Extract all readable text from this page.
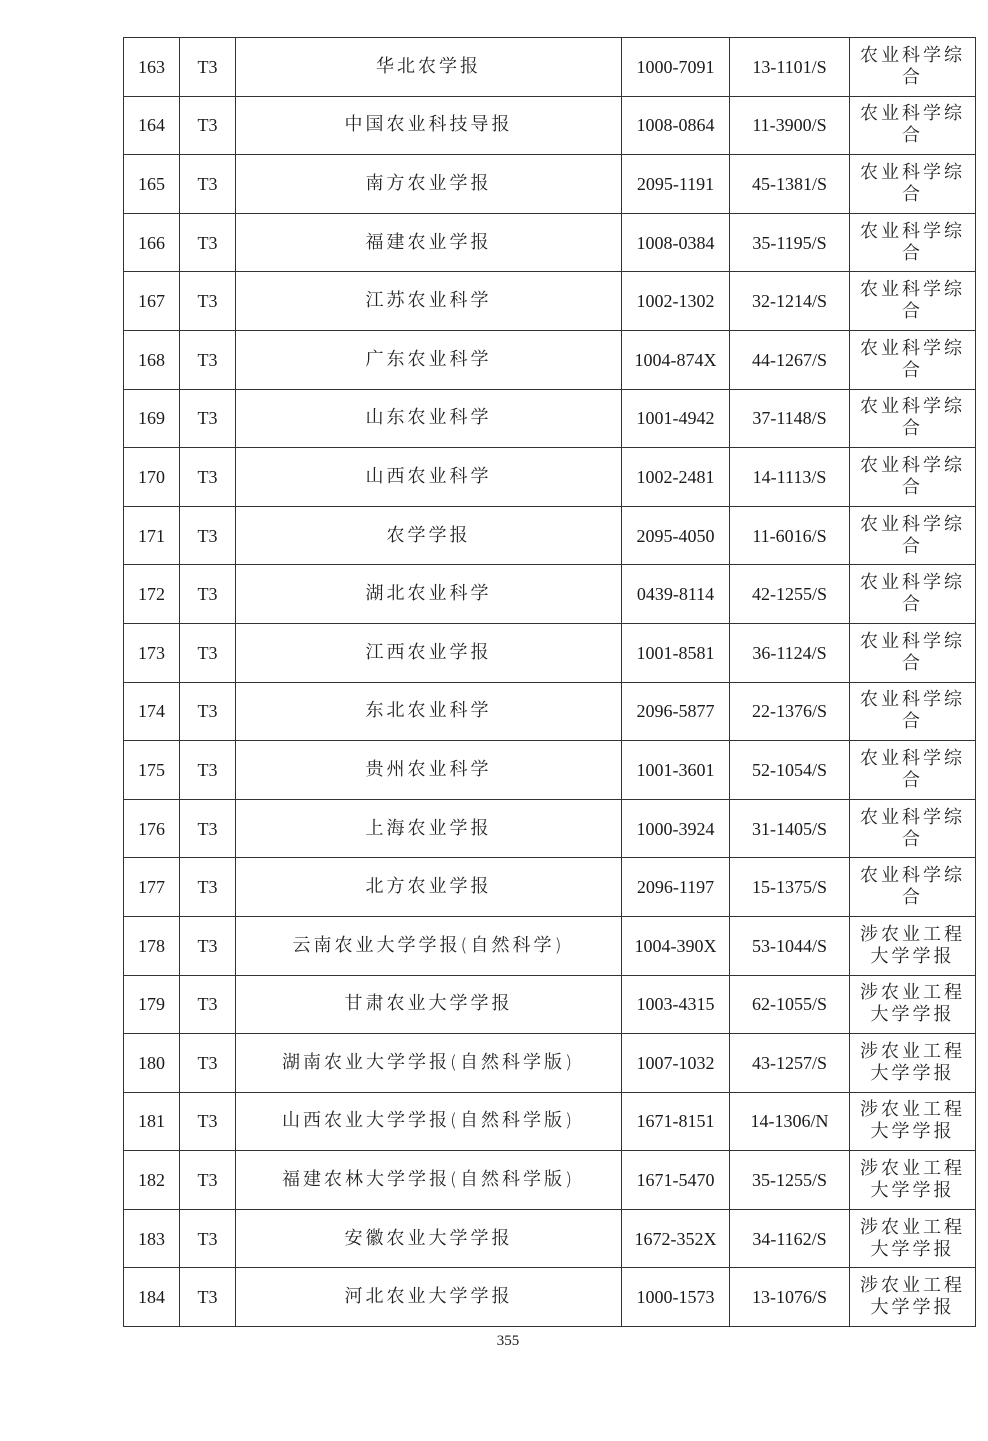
163	T3	华北农学报	1000-7091	13-1101/S	农业科学综合
164	T3	中国农业科技导报	1008-0864	11-3900/S	农业科学综合
165	T3	南方农业学报	2095-1191	45-1381/S	农业科学综合
166	T3	福建农业学报	1008-0384	35-1195/S	农业科学综合
167	T3	江苏农业科学	1002-1302	32-1214/S	农业科学综合
168	T3	广东农业科学	1004-874X	44-1267/S	农业科学综合
169	T3	山东农业科学	1001-4942	37-1148/S	农业科学综合
170	T3	山西农业科学	1002-2481	14-1113/S	农业科学综合
171	T3	农学学报	2095-4050	11-6016/S	农业科学综合
172	T3	湖北农业科学	0439-8114	42-1255/S	农业科学综合
173	T3	江西农业学报	1001-8581	36-1124/S	农业科学综合
174	T3	东北农业科学	2096-5877	22-1376/S	农业科学综合
175	T3	贵州农业科学	1001-3601	52-1054/S	农业科学综合
176	T3	上海农业学报	1000-3924	31-1405/S	农业科学综合
177	T3	北方农业学报	2096-1197	15-1375/S	农业科学综合
178	T3	云南农业大学学报(自然科学)	1004-390X	53-1044/S	涉农业工程大学学报
179	T3	甘肃农业大学学报	1003-4315	62-1055/S	涉农业工程大学学报
180	T3	湖南农业大学学报(自然科学版)	1007-1032	43-1257/S	涉农业工程大学学报
181	T3	山西农业大学学报(自然科学版)	1671-8151	14-1306/N	涉农业工程大学学报
182	T3	福建农林大学学报(自然科学版)	1671-5470	35-1255/S	涉农业工程大学学报
183	T3	安徽农业大学学报	1672-352X	34-1162/S	涉农业工程大学学报
184	T3	河北农业大学学报	1000-1573	13-1076/S	涉农业工程大学学报
355
